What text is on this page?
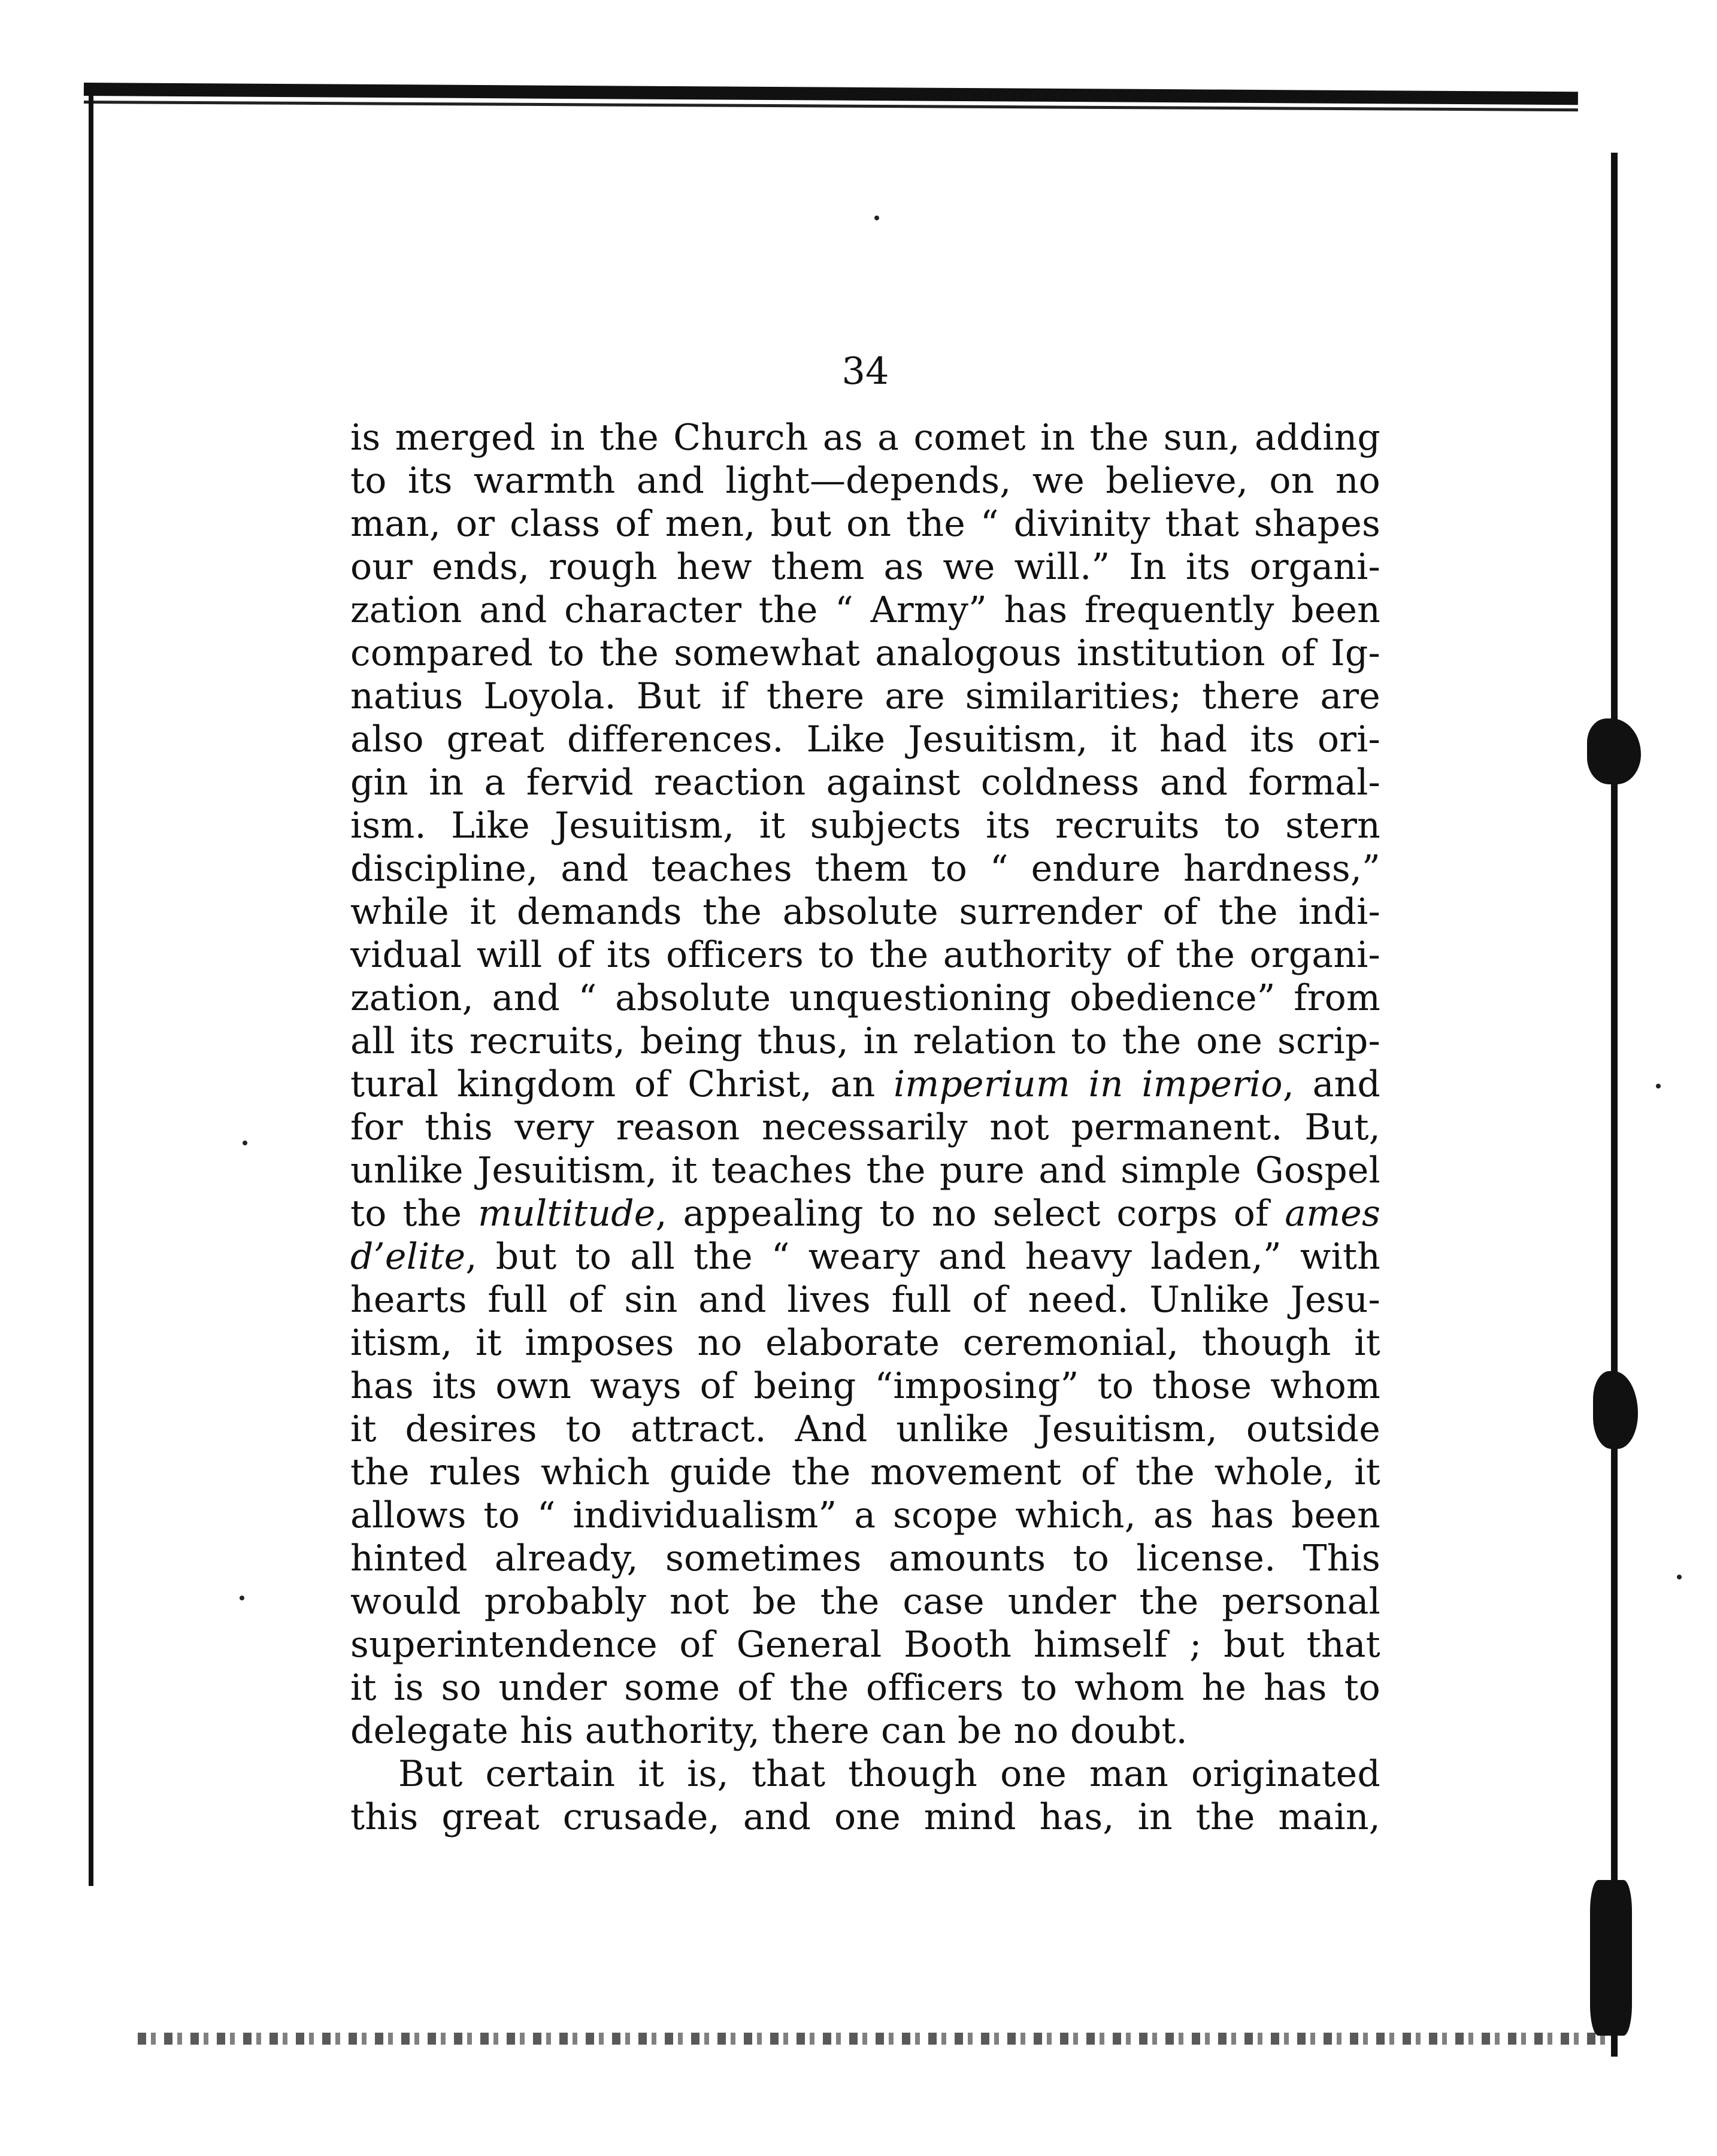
34
is merged in the Church as a comet in the sun, adding
to its warmth and light—depends, we believe, on no
man, or class of men, but on the “ divinity that shapes
our ends, rough hew them as we will.” In its organi-
zation and character the “ Army” has frequently been
compared to the somewhat analogous institution of Ig-
natius Loyola. But if there are similarities; there are
also great differences. Like Jesuitism, it had its ori-
gin in a fervid reaction against coldness and formal-
ism. Like Jesuitism, it subjects its recruits to stern
discipline, and teaches them to “ endure hardness,”
while it demands the absolute surrender of the indi-
vidual will of its officers to the authority of the organi-
zation, and “ absolute unquestioning obedience” from
all its recruits, being thus, in relation to the one scrip-
tural kingdom of Christ, an imperium in imperio, and
for this very reason necessarily not permanent. But,
unlike Jesuitism, it teaches the pure and simple Gospel
to the multitude, appealing to no select corps of ames
d’elite, but to all the “ weary and heavy laden,” with
hearts full of sin and lives full of need. Unlike Jesu-
itism, it imposes no elaborate ceremonial, though it
has its own ways of being “imposing” to those whom
it desires to attract. And unlike Jesuitism, outside
the rules which guide the movement of the whole, it
allows to “ individualism” a scope which, as has been
hinted already, sometimes amounts to license. This
would probably not be the case under the personal
superintendence of General Booth himself ; but that
it is so under some of the officers to whom he has to
delegate his authority, there can be no doubt.
But certain it is, that though one man originated
this great crusade, and one mind has, in the main,
